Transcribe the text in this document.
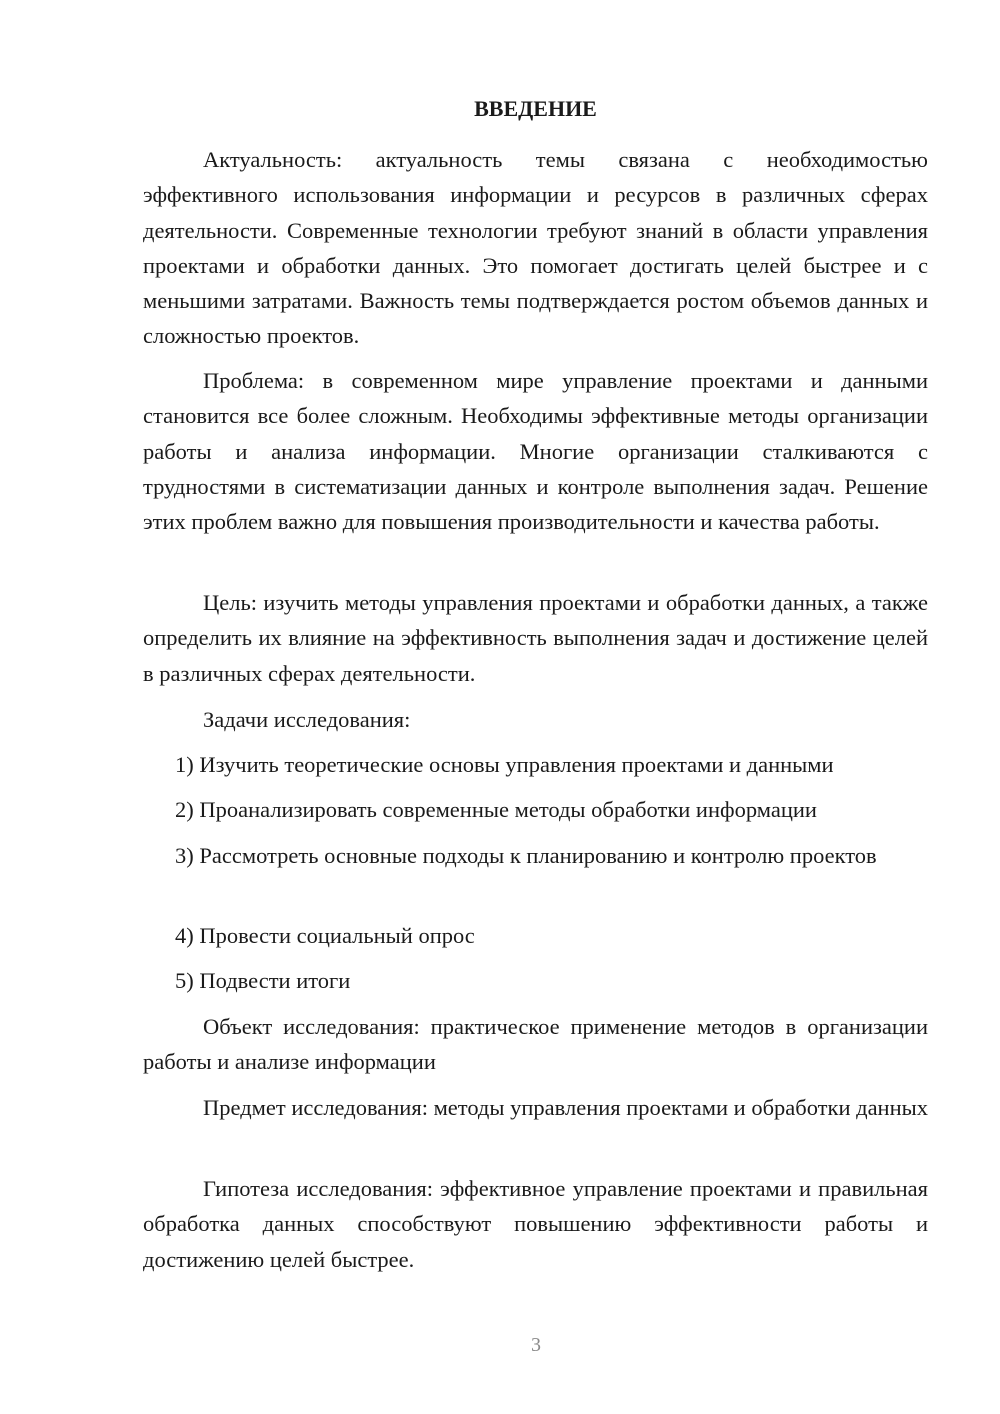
ВВЕДЕНИЕ

Актуальность: актуальность темы связана с необходимостью эффективного использования информации и ресурсов в различных сферах деятельности. Современные технологии требуют знаний в области управления проектами и обработки данных. Это помогает достигать целей быстрее и с меньшими затратами. Важность темы подтверждается ростом объемов данных и сложностью проектов.

Проблема: в современном мире управление проектами и данными становится все более сложным. Необходимы эффективные методы организации работы и анализа информации. Многие организации сталкиваются с трудностями в систематизации данных и контроле выполнения задач. Решение этих проблем важно для повышения производительности и качества работы.

Цель: изучить методы управления проектами и обработки данных, а также определить их влияние на эффективность выполнения задач и достижение целей в различных сферах деятельности.

Задачи исследования:

1) Изучить теоретические основы управления проектами и данными

2) Проанализировать современные методы обработки информации

3) Рассмотреть основные подходы к планированию и контролю проектов

4) Провести социальный опрос

5) Подвести итоги

Объект исследования: практическое применение методов в организации работы и анализе информации

Предмет исследования: методы управления проектами и обработки данных

Гипотеза исследования: эффективное управление проектами и правильная обработка данных способствуют повышению эффективности работы и достижению целей быстрее.

3
